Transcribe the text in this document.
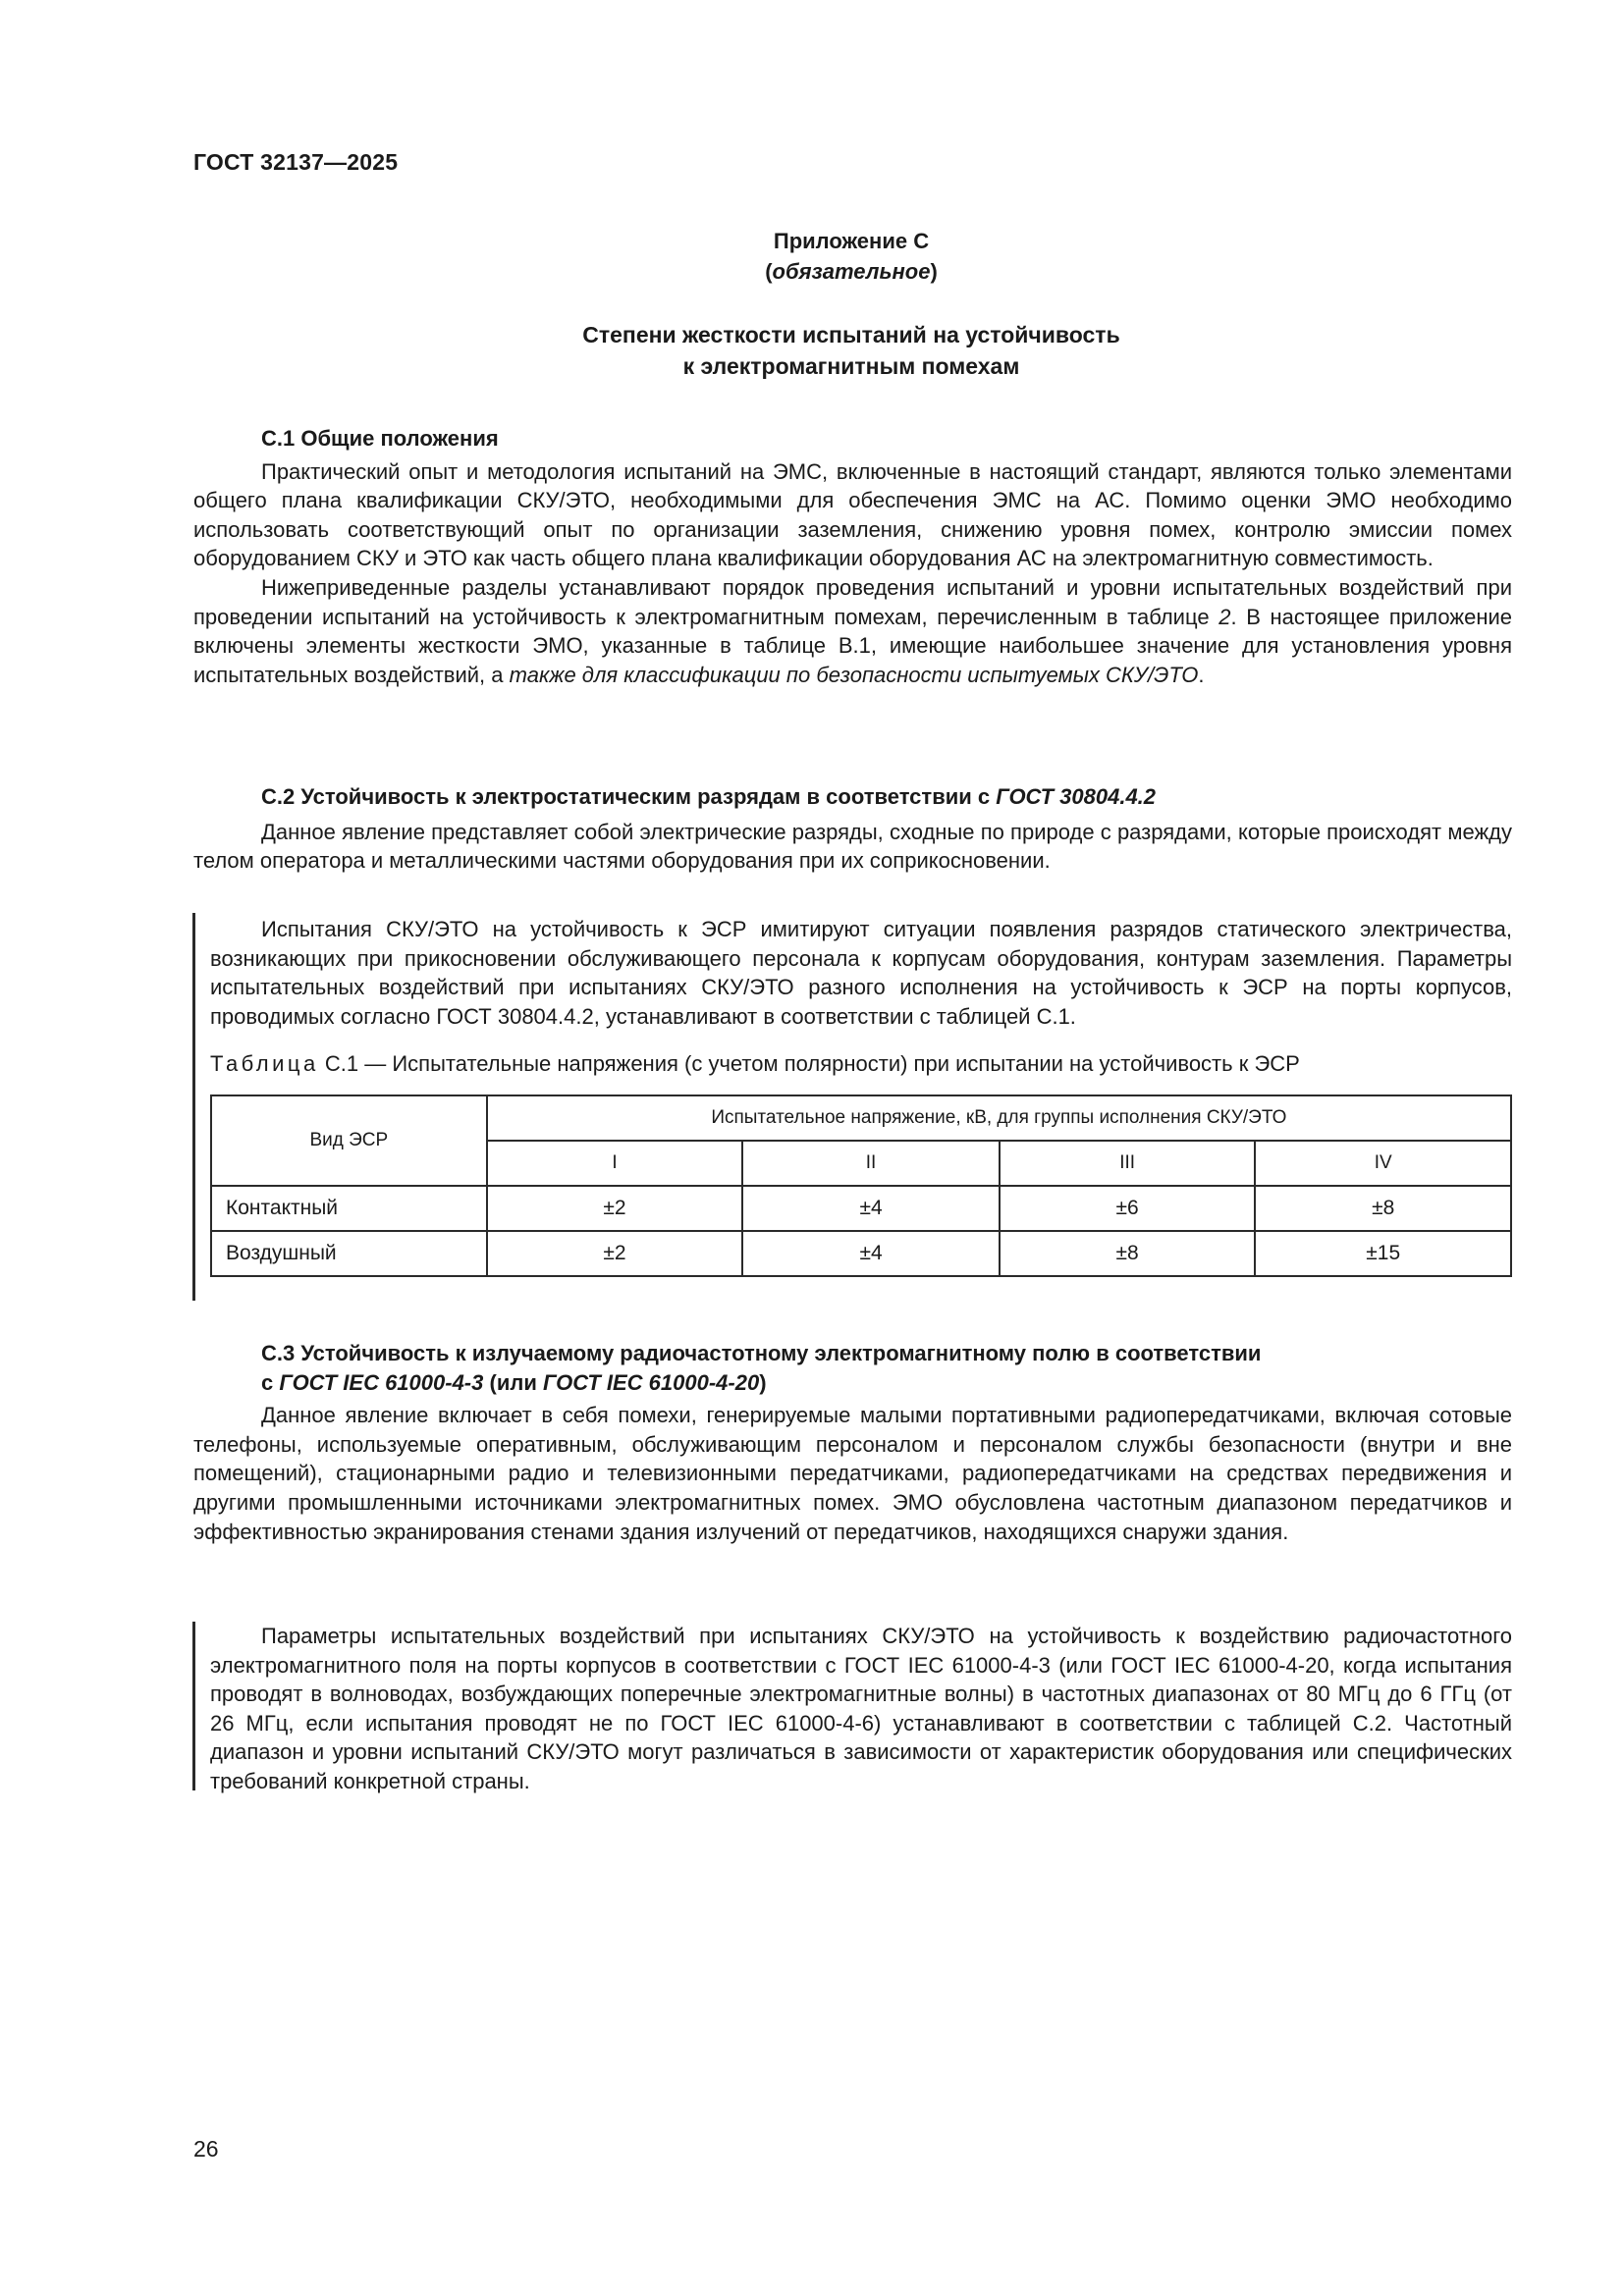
ГОСТ 32137—2025
Приложение С
(обязательное)
Степени жесткости испытаний на устойчивость
к электромагнитным помехам

С.1 Общие положения

Практический опыт и методология испытаний на ЭМС, включенные в настоящий стандарт, являются только элементами общего плана квалификации СКУ/ЭТО, необходимыми для обеспечения ЭМС на АС. Помимо оценки ЭМО необходимо использовать соответствующий опыт по организации заземления, снижению уровня помех, контролю эмиссии помех оборудованием СКУ и ЭТО как часть общего плана квалификации оборудования АС на электромагнитную совместимость.

Нижеприведенные разделы устанавливают порядок проведения испытаний и уровни испытательных воздействий при проведении испытаний на устойчивость к электромагнитным помехам, перечисленным в таблице 2. В настоящее приложение включены элементы жесткости ЭМО, указанные в таблице В.1, имеющие наибольшее значение для установления уровня испытательных воздействий, а также для классификации по безопасности испытуемых СКУ/ЭТО.

С.2 Устойчивость к электростатическим разрядам в соответствии с ГОСТ 30804.4.2

Данное явление представляет собой электрические разряды, сходные по природе с разрядами, которые происходят между телом оператора и металлическими частями оборудования при их соприкосновении.

Испытания СКУ/ЭТО на устойчивость к ЭСР имитируют ситуации появления разрядов статического электричества, возникающих при прикосновении обслуживающего персонала к корпусам оборудования, контурам заземления. Параметры испытательных воздействий при испытаниях СКУ/ЭТО разного исполнения на устойчивость к ЭСР на порты корпусов, проводимых согласно ГОСТ 30804.4.2, устанавливают в соответствии с таблицей С.1.

Таблица С.1 — Испытательные напряжения (с учетом полярности) при испытании на устойчивость к ЭСР
Вид ЭСР	Испытательное напряжение, кВ, для группы исполнения СКУ/ЭТО			
	I	II	III	IV
Контактный	±2	±4	±6	±8
Воздушный	±2	±4	±8	±15

С.3 Устойчивость к излучаемому радиочастотному электромагнитному полю в соответствии

с ГОСТ IEC 61000-4-3 (или ГОСТ IEC 61000-4-20)

Данное явление включает в себя помехи, генерируемые малыми портативными радиопередатчиками, включая сотовые телефоны, используемые оперативным, обслуживающим персоналом и персоналом службы безопасности (внутри и вне помещений), стационарными радио и телевизионными передатчиками, радиопередатчиками на средствах передвижения и другими промышленными источниками электромагнитных помех. ЭМО обусловлена частотным диапазоном передатчиков и эффективностью экранирования стенами здания излучений от передатчиков, находящихся снаружи здания.

Параметры испытательных воздействий при испытаниях СКУ/ЭТО на устойчивость к воздействию радиочастотного электромагнитного поля на порты корпусов в соответствии с ГОСТ IEC 61000-4-3 (или ГОСТ IEC 61000-4-20, когда испытания проводят в волноводах, возбуждающих поперечные электромагнитные волны) в частотных диапазонах от 80 МГц до 6 ГГц (от 26 МГц, если испытания проводят не по ГОСТ IEC 61000-4-6) устанавливают в соответствии с таблицей С.2. Частотный диапазон и уровни испытаний СКУ/ЭТО могут различаться в зависимости от характеристик оборудования или специфических требований конкретной страны.

26
